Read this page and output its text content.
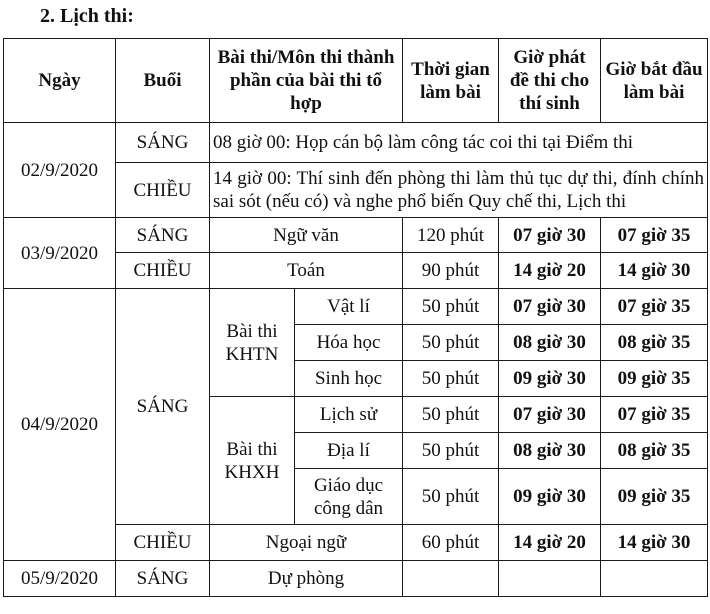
2. Lịch thi:
Ngày	Buổi	Bài thi/Môn thi thành phần của bài thi tổ hợp		Thời gian làm bài	Giờ phát đề thi cho thí sinh	Giờ bắt đầu làm bài
02/9/2020	SÁNG	08 giờ 00: Họp cán bộ làm công tác coi thi tại Điểm thi				
	CHIỀU	14 giờ 00: Thí sinh đến phòng thi làm thủ tục dự thi, đính chính sai sót (nếu có) và nghe phổ biến Quy chế thi, Lịch thi				
03/9/2020	SÁNG	Ngữ văn		120 phút	07 giờ 30	07 giờ 35
	CHIỀU	Toán		90 phút	14 giờ 20	14 giờ 30
04/9/2020	SÁNG	Bài thi KHTN	Vật lí	50 phút	07 giờ 30	07 giờ 35
			Hóa học	50 phút	08 giờ 30	08 giờ 35
			Sinh học	50 phút	09 giờ 30	09 giờ 35
		Bài thi KHXH	Lịch sử	50 phút	07 giờ 30	07 giờ 35
			Địa lí	50 phút	08 giờ 30	08 giờ 35
			Giáo dục công dân	50 phút	09 giờ 30	09 giờ 35
	CHIỀU	Ngoại ngữ		60 phút	14 giờ 20	14 giờ 30
05/9/2020	SÁNG	Dự phòng				
